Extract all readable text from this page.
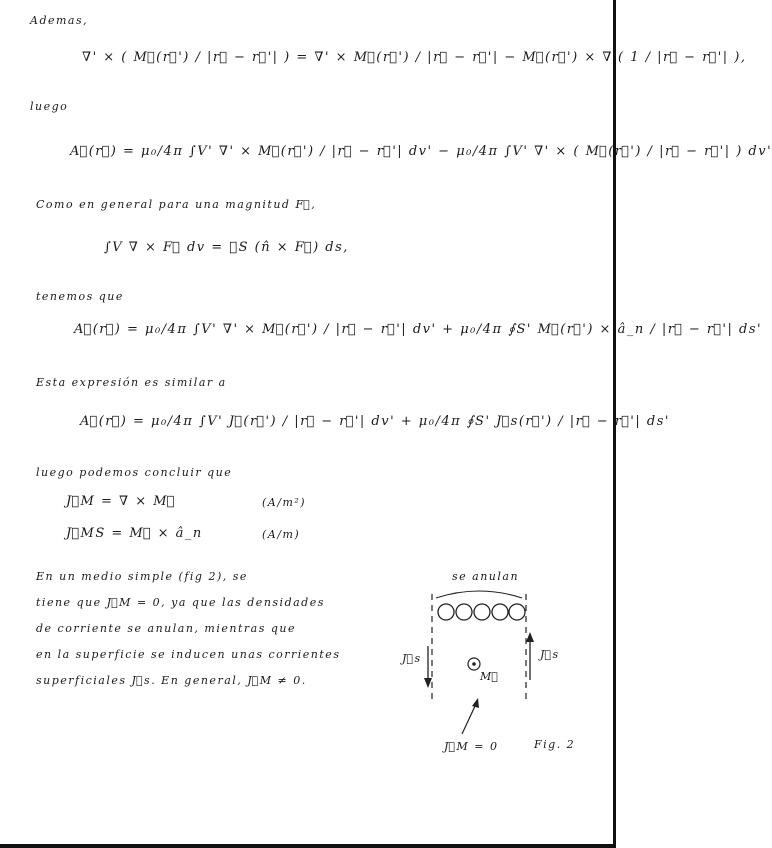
Ademas,
∇' × ( M⃗(r⃗') / |r⃗ − r⃗'| ) = ∇' × M⃗(r⃗') / |r⃗ − r⃗'| − M⃗(r⃗') × ∇'( 1 / |r⃗ − r⃗'| ),
luego
A⃗(r⃗) = μ₀/4π ∫V' ∇' × M⃗(r⃗') / |r⃗ − r⃗'| dv' − μ₀/4π ∫V' ∇' × ( M⃗(r⃗') / |r⃗ − r⃗'| ) dv'
Como en general para una magnitud F⃗,
∫V ∇ × F⃗ dv = ∮S (n̂ × F⃗) ds,
tenemos que
A⃗(r⃗) = μ₀/4π ∫V' ∇' × M⃗(r⃗') / |r⃗ − r⃗'| dv' + μ₀/4π ∮S' M⃗(r⃗') × â_n / |r⃗ − r⃗'| ds'
Esta expresión es similar a
A⃗(r⃗) = μ₀/4π ∫V' J⃗(r⃗') / |r⃗ − r⃗'| dv' + μ₀/4π ∮S' J⃗s(r⃗') / |r⃗ − r⃗'| ds'
luego podemos concluir que
J⃗M = ∇ × M⃗	(A/m²)
J⃗MS = M⃗ × â_n	(A/m)
En un medio simple (fig 2), se
tiene que J⃗M = 0, ya que las densidades
de corriente se anulan, mientras que
en la superficie se inducen unas corrientes
superficiales J⃗s. En general, J⃗M ≠ 0.
se anulan
J⃗s	J⃗s
M⃗
J⃗M = 0	Fig. 2
